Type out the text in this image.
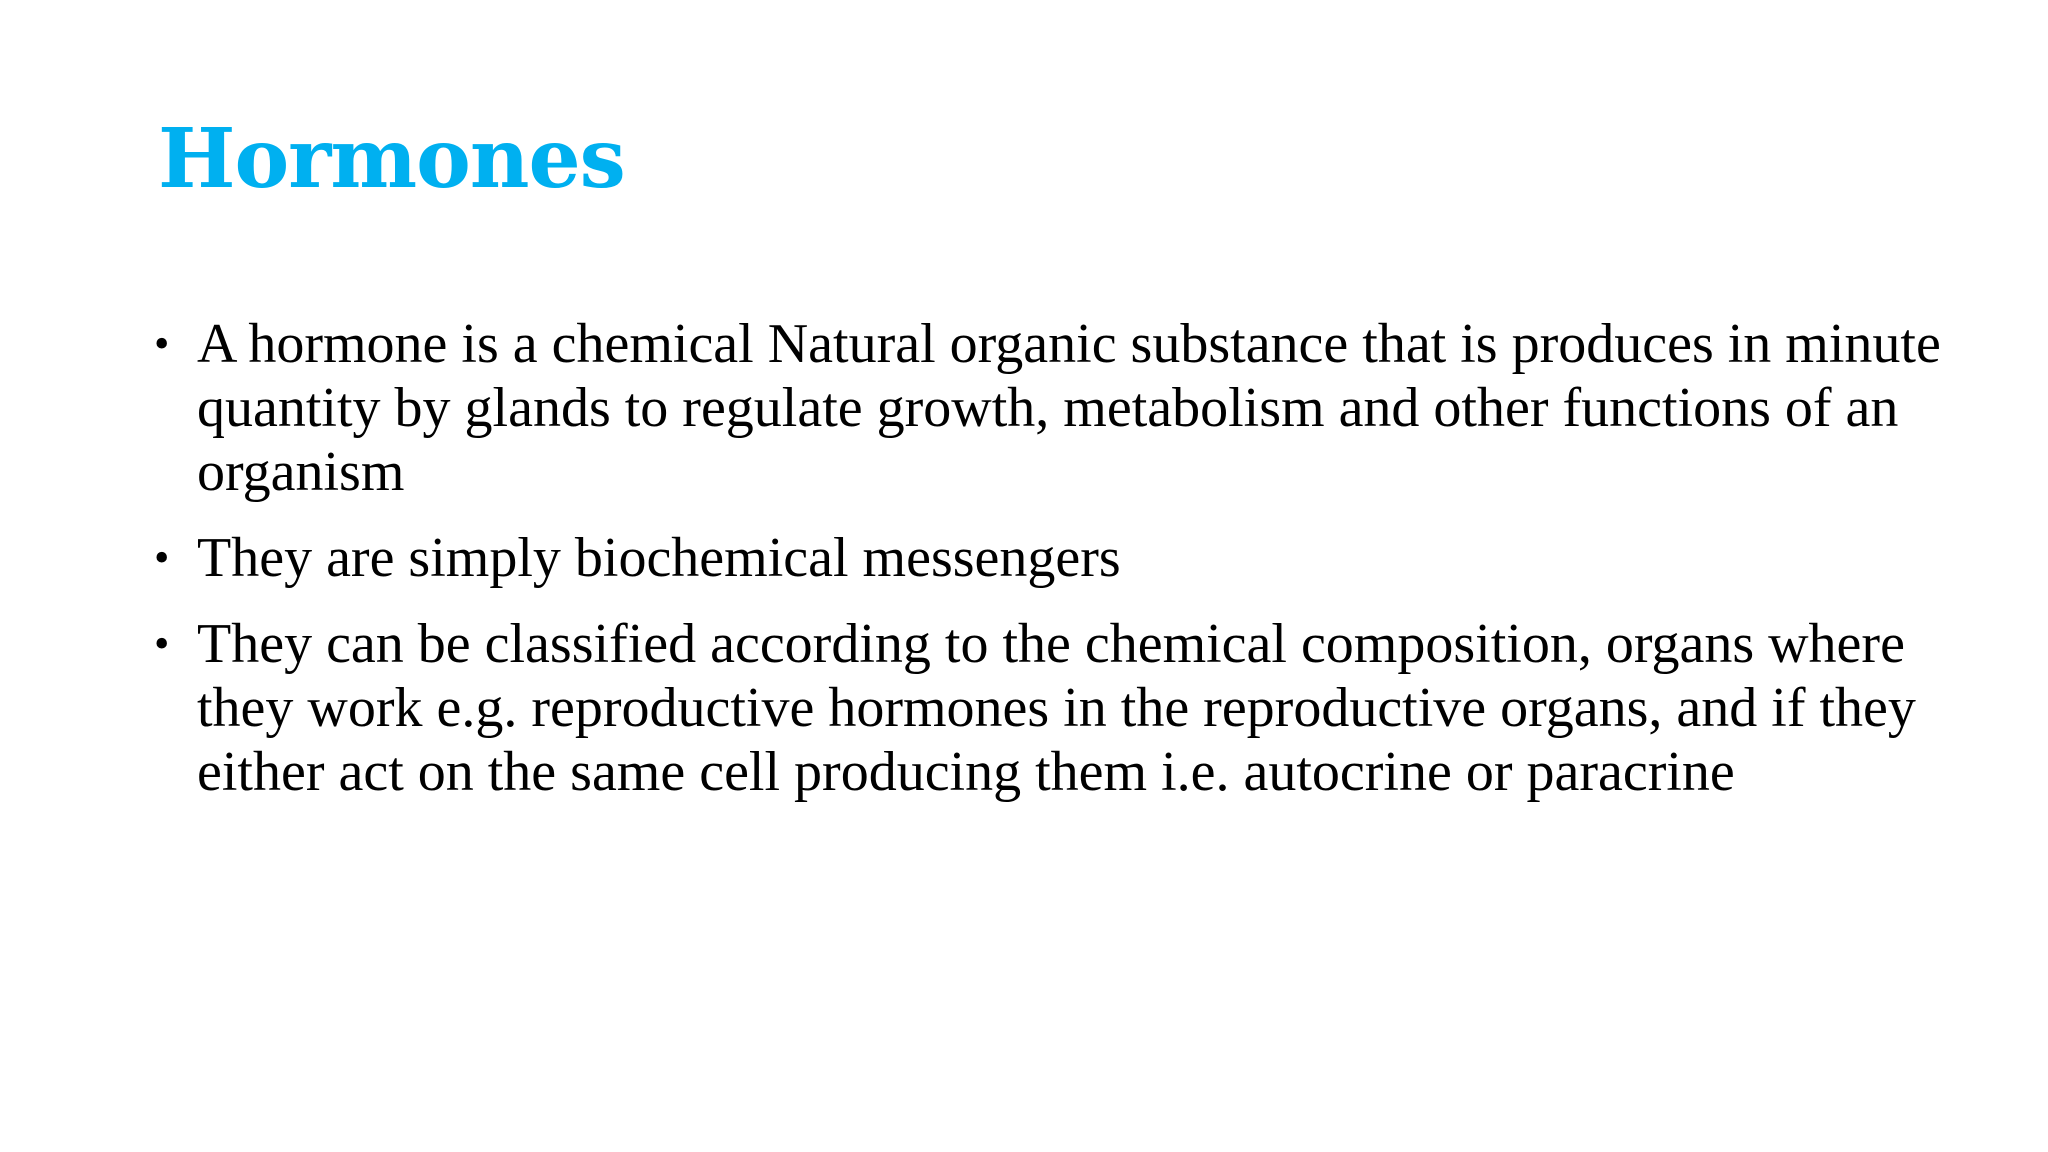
Hormones
• A hormone is a chemical Natural organic substance that is produces in minute quantity by glands to regulate growth, metabolism and other functions of an organism
• They are simply biochemical messengers
• They can be classified according to the chemical composition, organs where they work e.g. reproductive hormones in the reproductive organs, and if they either act on the same cell producing them i.e. autocrine or paracrine
